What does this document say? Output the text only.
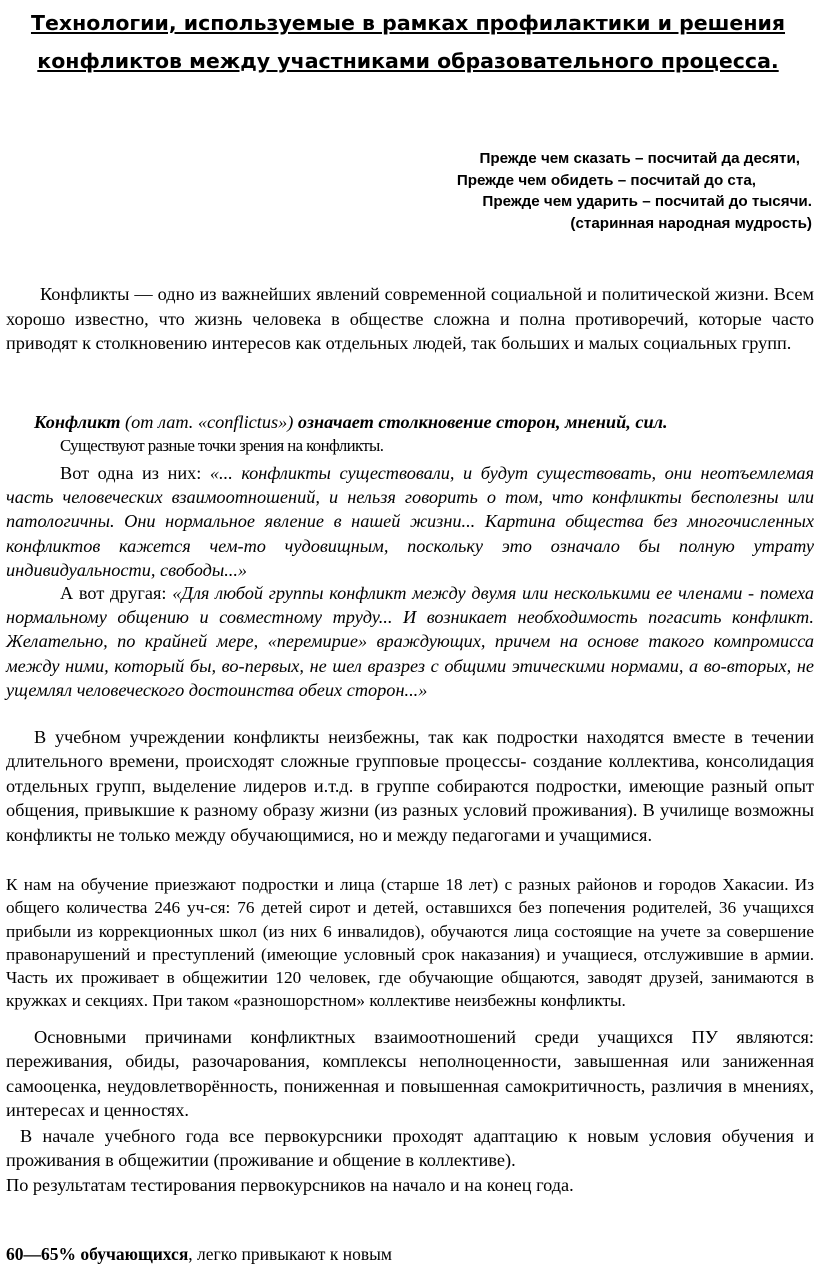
Технологии, используемые в рамках профилактики и решения конфликтов между участниками образовательного процесса.
Прежде чем сказать – посчитай да десяти,
Прежде чем обидеть – посчитай до ста,
Прежде чем ударить – посчитай до тысячи.
(старинная народная мудрость)

Конфликты — одно из важнейших явлений современной социальной и политической жизни. Всем хорошо известно, что жизнь человека в обществе сложна и полна противоречий, которые часто приводят к столкновению интересов как отдельных людей, так больших и малых социальных групп.

Конфликт (от лат. «conflictus») означает столкновение сторон, мнений, сил.

Существуют разные точки зрения на конфликты.

Вот одна из них: «... конфликты существовали, и будут существовать, они неотъемлемая часть человеческих взаимоотношений, и нельзя говорить о том, что конфликты бесполезны или патологичны. Они нормальное явление в нашей жизни... Картина общества без многочисленных конфликтов кажется чем-то чудовищным, поскольку это означало бы полную утрату индивидуальности, свободы...»

А вот другая: «Для любой группы конфликт между двумя или несколькими ее членами - помеха нормальному общению и совместному труду... И возникает необходимость погасить конфликт. Желательно, по крайней мере, «перемирие» враждующих, причем на основе такого компромисса между ними, который бы, во-первых, не шел вразрез с общими этическими нормами, а во-вторых, не ущемлял человеческого достоинства обеих сторон...»

В учебном учреждении конфликты неизбежны, так как подростки находятся вместе в течении длительного времени, происходят сложные групповые процессы- создание коллектива, консолидация отдельных групп, выделение лидеров и.т.д. в группе собираются подростки, имеющие разный опыт общения, привыкшие к разному образу жизни (из разных условий проживания). В училище возможны конфликты не только между обучающимися, но и между педагогами и учащимися.

К нам на обучение приезжают подростки и лица (старше 18 лет) с разных районов и городов Хакасии. Из общего количества 246 уч-ся: 76 детей сирот и детей, оставшихся без попечения родителей, 36 учащихся прибыли из коррекционных школ (из них 6 инвалидов), обучаются лица состоящие на учете за совершение правонарушений и преступлений (имеющие условный срок наказания) и учащиеся, отслужившие в армии. Часть их проживает в общежитии 120 человек, где обучающие общаются, заводят друзей, занимаются в кружках и секциях. При таком «разношорстном» коллективе неизбежны конфликты.

Основными причинами конфликтных взаимоотношений среди учащихся ПУ являются: переживания, обиды, разочарования, комплексы неполноценности, завышенная или заниженная самооценка, неудовлетворённость, пониженная и повышенная самокритичность, различия в мнениях, интересах и ценностях.

В начале учебного года все первокурсники проходят адаптацию к новым условия обучения и проживания в общежитии (проживание и общение в коллективе).

По результатам тестирования первокурсников на начало и на конец года.

60—65% обучающихся, легко привыкают к новым
